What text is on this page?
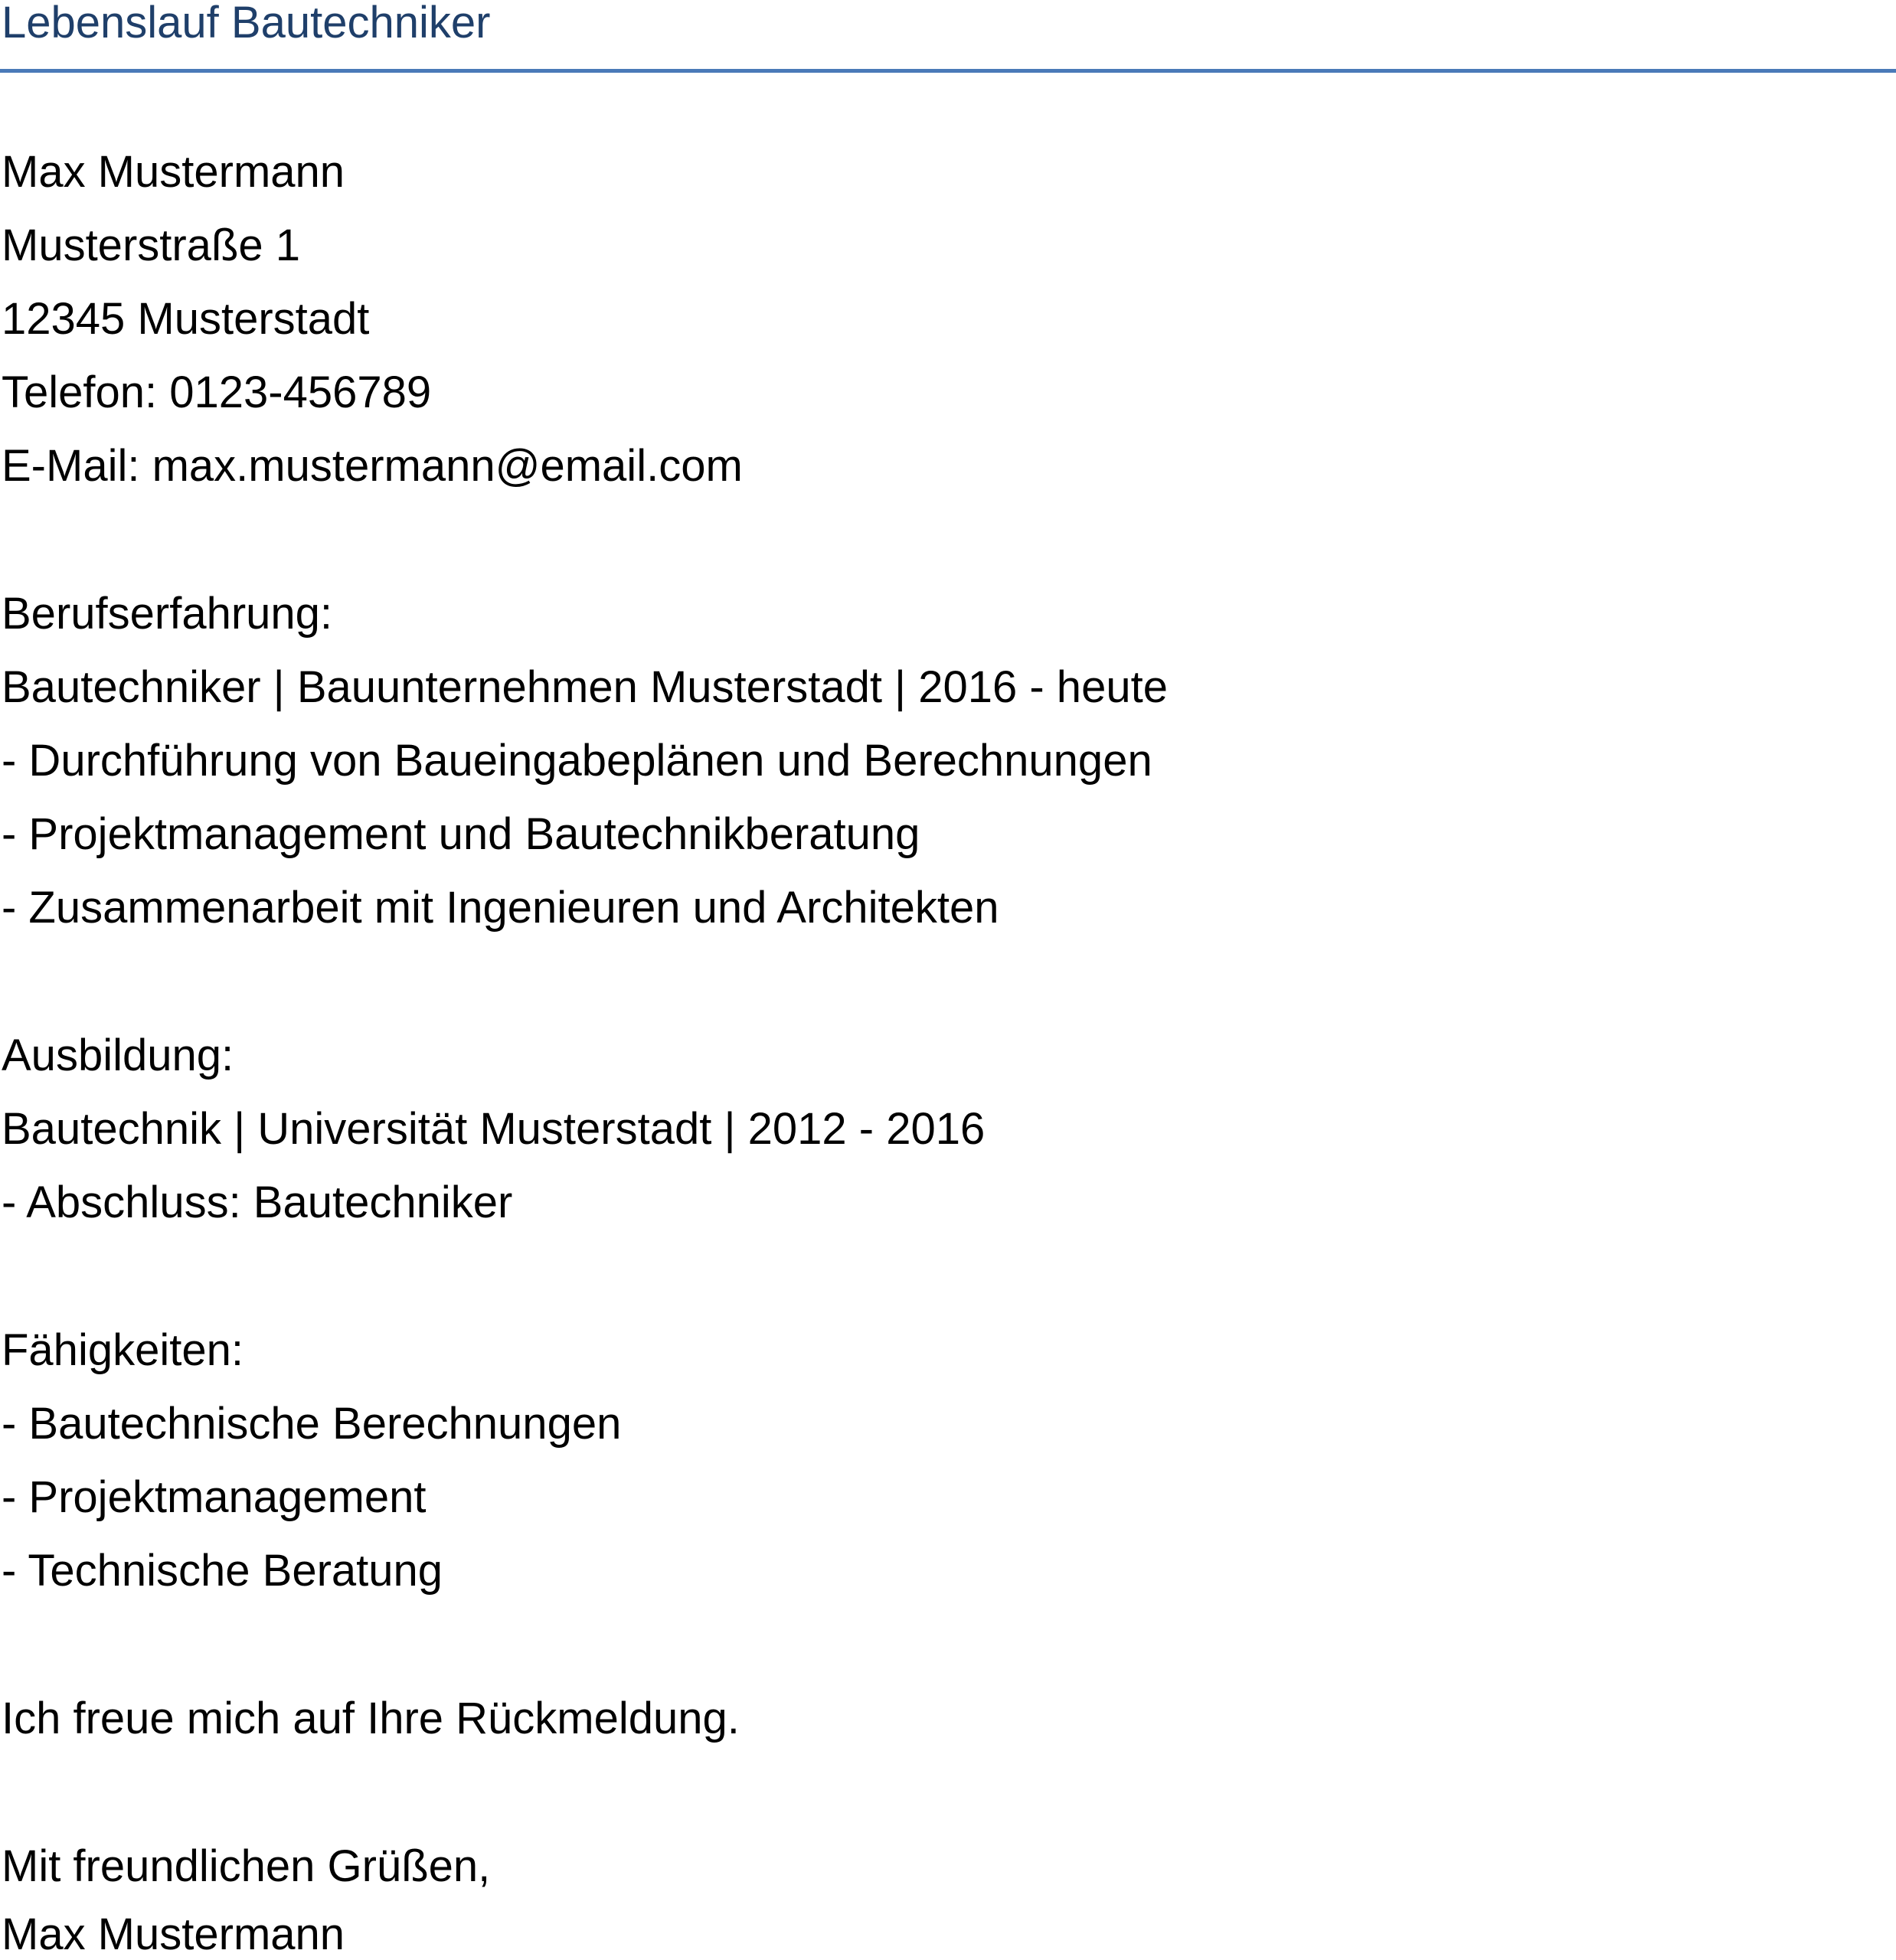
Lebenslauf Bautechniker
Max Mustermann
Musterstraße 1
12345 Musterstadt
Telefon: 0123-456789
E-Mail: max.mustermann@email.com
Berufserfahrung:
Bautechniker | Bauunternehmen Musterstadt | 2016 - heute
- Durchführung von Baueingabeplänen und Berechnungen
- Projektmanagement und Bautechnikberatung
- Zusammenarbeit mit Ingenieuren und Architekten
Ausbildung:
Bautechnik | Universität Musterstadt | 2012 - 2016
- Abschluss: Bautechniker
Fähigkeiten:
- Bautechnische Berechnungen
- Projektmanagement
- Technische Beratung
Ich freue mich auf Ihre Rückmeldung.
Mit freundlichen Grüßen,
Max Mustermann
